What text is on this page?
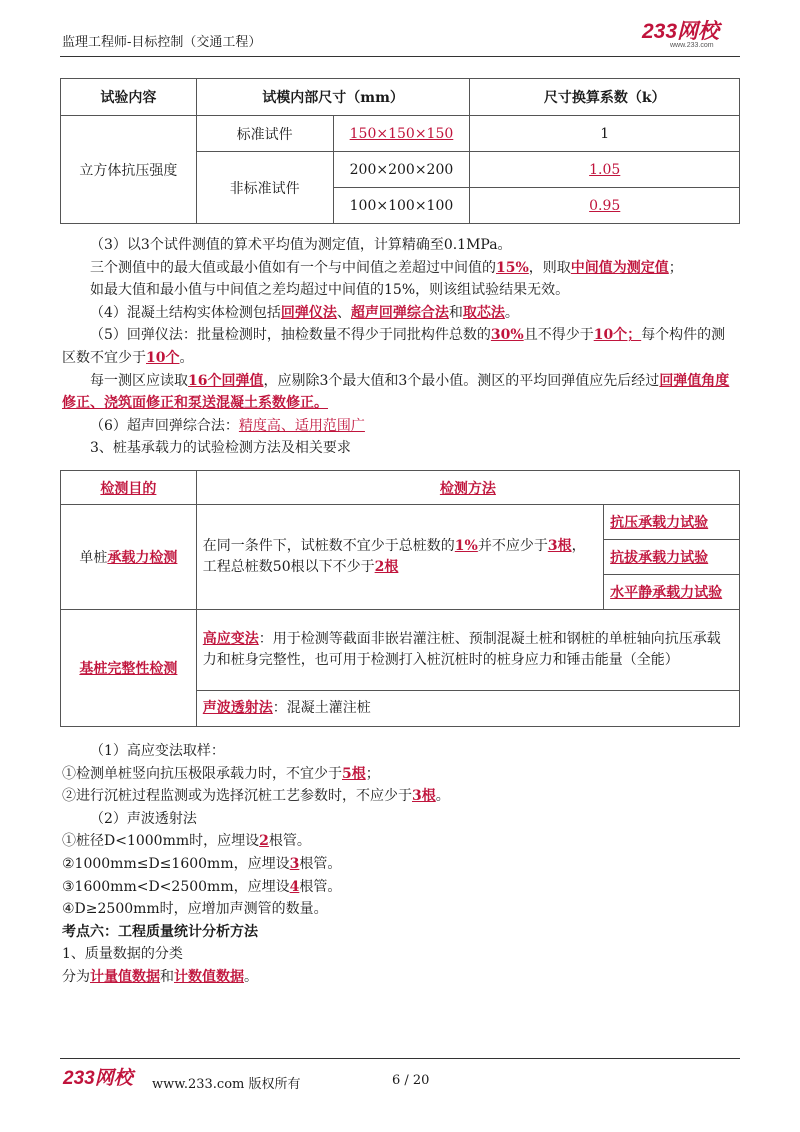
监理工程师-目标控制（交通工程）	233网校
www.233.com
试验内容	试模内部尺寸（mm）		尺寸换算系数（k）
立方体抗压强度	标准试件	150×150×150	1
	非标准试件	200×200×200	1.05
		100×100×100	0.95

（3）以3个试件测值的算术平均值为测定值，计算精确至0.1MPa。

三个测值中的最大值或最小值如有一个与中间值之差超过中间值的15%，则取中间值为测定值；

如最大值和最小值与中间值之差均超过中间值的15%，则该组试验结果无效。

（4）混凝土结构实体检测包括回弹仪法、超声回弹综合法和取芯法。

（5）回弹仪法：批量检测时，抽检数量不得少于同批构件总数的30%且不得少于10个；每个构件的测区数不宜少于10个。

每一测区应读取16个回弹值，应剔除3个最大值和3个最小值。测区的平均回弹值应先后经过回弹值角度修正、浇筑面修正和泵送混凝土系数修正。

（6）超声回弹综合法：精度高、适用范围广

3、桩基承载力的试验检测方法及相关要求

检测目的	检测方法	
单桩承载力检测	在同一条件下，试桩数不宜少于总桩数的1%并不应少于3根，工程总桩数50根以下不少于2根	抗压承载力试验
		抗拔承载力试验
		水平静承载力试验
基桩完整性检测	高应变法：用于检测等截面非嵌岩灌注桩、预制混凝土桩和钢桩的单桩轴向抗压承载力和桩身完整性，也可用于检测打入桩沉桩时的桩身应力和锤击能量（全能）	
	声波透射法：混凝土灌注桩	

（1）高应变法取样：

①检测单桩竖向抗压极限承载力时，不宜少于5根；

②进行沉桩过程监测或为选择沉桩工艺参数时，不应少于3根。

（2）声波透射法

①桩径D<1000mm时，应埋设2根管。

②1000mm≤D≤1600mm，应埋设3根管。

③1600mm<D<2500mm，应埋设4根管。

④D≥2500mm时，应增加声测管的数量。

考点六：工程质量统计分析方法

1、质量数据的分类

分为计量值数据和计数值数据。

233网校 www.233.com 版权所有	6 / 20
